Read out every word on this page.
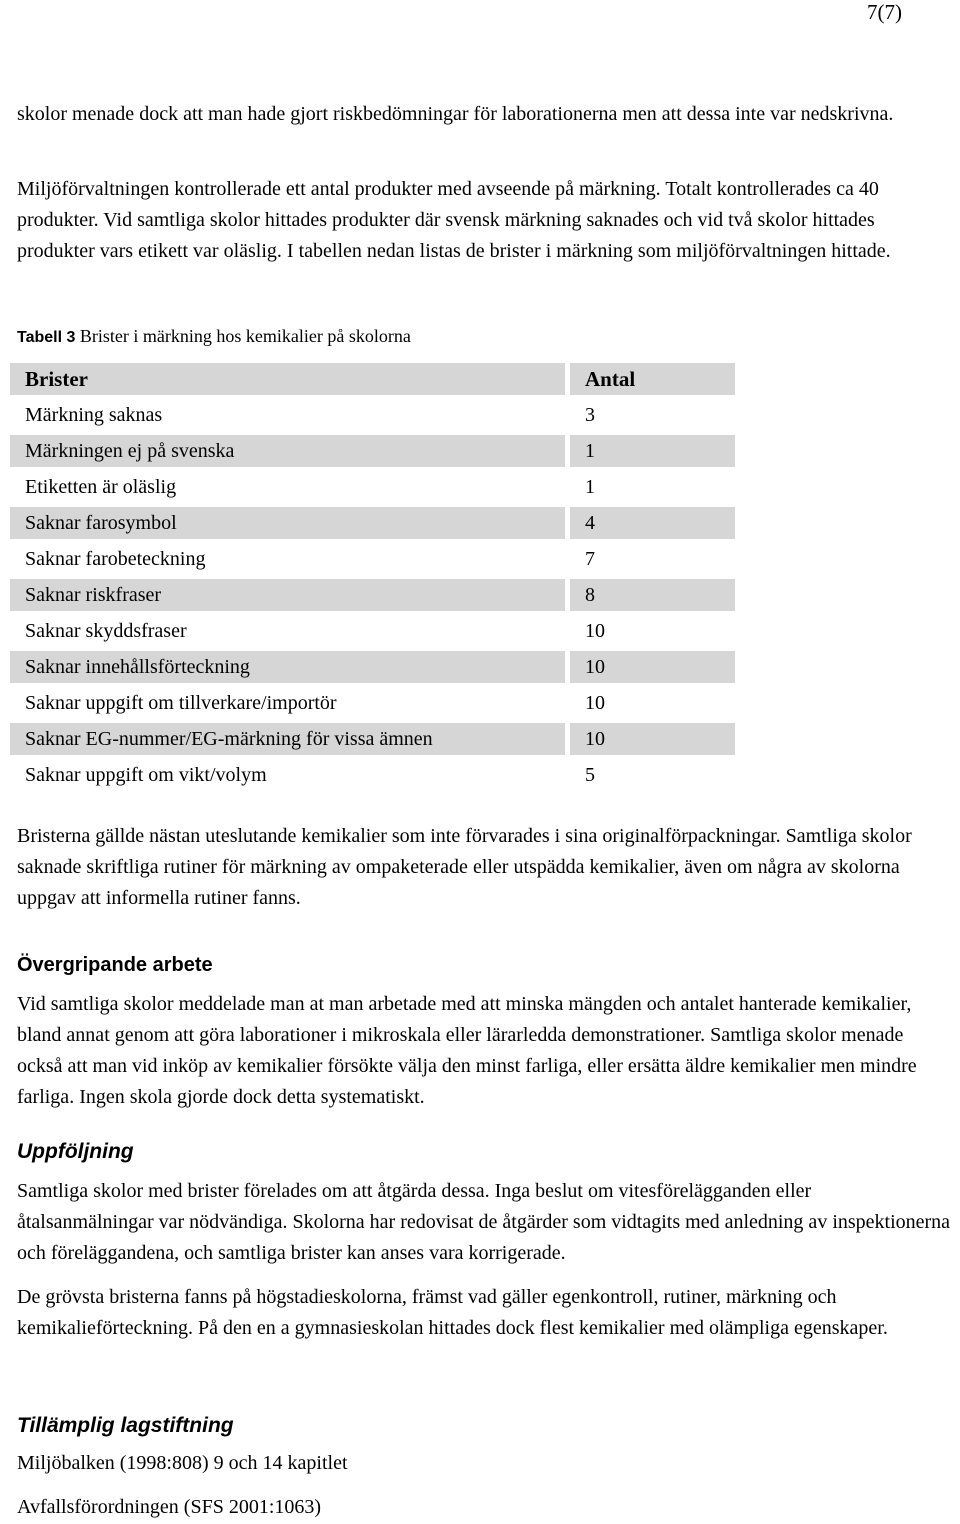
7(7)

skolor menade dock att man hade gjort riskbedömningar för laborationerna men att dessa inte var nedskrivna.

Miljöförvaltningen kontrollerade ett antal produkter med avseende på märkning. Totalt kontrollerades ca 40 produkter. Vid samtliga skolor hittades produkter där svensk märkning saknades och vid två skolor hittades produkter vars etikett var oläslig. I tabellen nedan listas de brister i märkning som miljöförvaltningen hittade.

Tabell 3 Brister i märkning hos kemikalier på skolorna
Brister	Antal
Märkning saknas	3
Märkningen ej på svenska	1
Etiketten är oläslig	1
Saknar farosymbol	4
Saknar farobeteckning	7
Saknar riskfraser	8
Saknar skyddsfraser	10
Saknar innehållsförteckning	10
Saknar uppgift om tillverkare/importör	10
Saknar EG-nummer/EG-märkning för vissa ämnen	10
Saknar uppgift om vikt/volym	5

Bristerna gällde nästan uteslutande kemikalier som inte förvarades i sina originalförpackningar. Samtliga skolor saknade skriftliga rutiner för märkning av ompaketerade eller utspädda kemikalier, även om några av skolorna uppgav att informella rutiner fanns.

Övergripande arbete

Vid samtliga skolor meddelade man at man arbetade med att minska mängden och antalet hanterade kemikalier, bland annat genom att göra laborationer i mikroskala eller lärarledda demonstrationer. Samtliga skolor menade också att man vid inköp av kemikalier försökte välja den minst farliga, eller ersätta äldre kemikalier men mindre farliga. Ingen skola gjorde dock detta systematiskt.

Uppföljning

Samtliga skolor med brister förelades om att åtgärda dessa. Inga beslut om vitesförelägganden eller åtalsanmälningar var nödvändiga. Skolorna har redovisat de åtgärder som vidtagits med anledning av inspektionerna och föreläggandena, och samtliga brister kan anses vara korrigerade.

De grövsta bristerna fanns på högstadieskolorna, främst vad gäller egenkontroll, rutiner, märkning och kemikalieförteckning. På den en a gymnasieskolan hittades dock flest kemikalier med olämpliga egenskaper.

Tillämplig lagstiftning

Miljöbalken (1998:808) 9 och 14 kapitlet

Avfallsförordningen (SFS 2001:1063)
